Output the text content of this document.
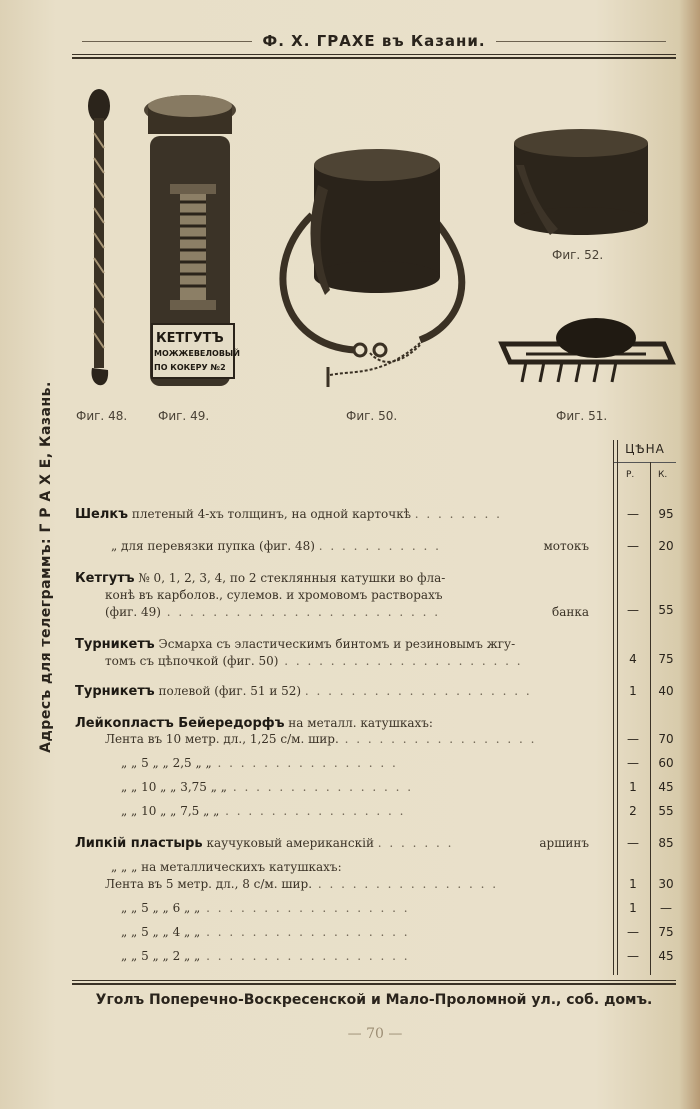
Ф. Х. ГРАХЕ въ Казани.
Адресъ для телеграммъ: Г Р А Х Е, Казань.
КЕТГУТЪ
МОЖЖЕВЕЛОВЫЙ
ПО КОКЕРУ №2
Фиг. 48.	Фиг. 49.	Фиг. 50.	Фиг. 51.
Фиг. 52.
ЦѢНА
Р.	К.
Шелкъ плетеный 4-хъ толщинъ, на одной карточкѣ . . . . . . . .	—	95
„ для перевязки пупка (фиг. 48) . . . . . . . . . . .	мотокъ	—	20
Кетгутъ № 0, 1, 2, 3, 4, по 2 стеклянныя катушки во фла-
конѣ въ карболов., сулемов. и хромовомъ растворахъ
(фиг. 49) . . . . . . . . . . . . . . . . . . . . . . . .	банка	—	55
Турникетъ Эсмарха съ эластическимъ бинтомъ и резиновымъ жгу-
томъ съ цѣпочкой (фиг. 50) . . . . . . . . . . . . . . . . . . . . .	4	75
Турникетъ полевой (фиг. 51 и 52) . . . . . . . . . . . . . . . . . . . .	1	40
Лейкопластъ Бейередорфъ на металл. катушкахъ:
Лента въ 10 метр. дл., 1,25 с/м. шир. . . . . . . . . . . . . . . . . .	—	70
„ „ 5 „ „ 2,5 „ „ . . . . . . . . . . . . . . . .	—	60
„ „ 10 „ „ 3,75 „ „ . . . . . . . . . . . . . . . .	1	45
„ „ 10 „ „ 7,5 „ „ . . . . . . . . . . . . . . . .	2	55
Липкій пластырь каучуковый американскій . . . . . . .	аршинъ	—	85
„ „ „ на металлическихъ катушкахъ:
Лента въ 5 метр. дл., 8 с/м. шир. . . . . . . . . . . . . . . . .	1	30
„ „ 5 „ „ 6 „ „ . . . . . . . . . . . . . . . . . .	1	—
„ „ 5 „ „ 4 „ „ . . . . . . . . . . . . . . . . . .	—	75
„ „ 5 „ „ 2 „ „ . . . . . . . . . . . . . . . . . .	—	45
Уголъ Поперечно-Воскресенской и Мало-Проломной ул., соб. домъ.
— 70 —
